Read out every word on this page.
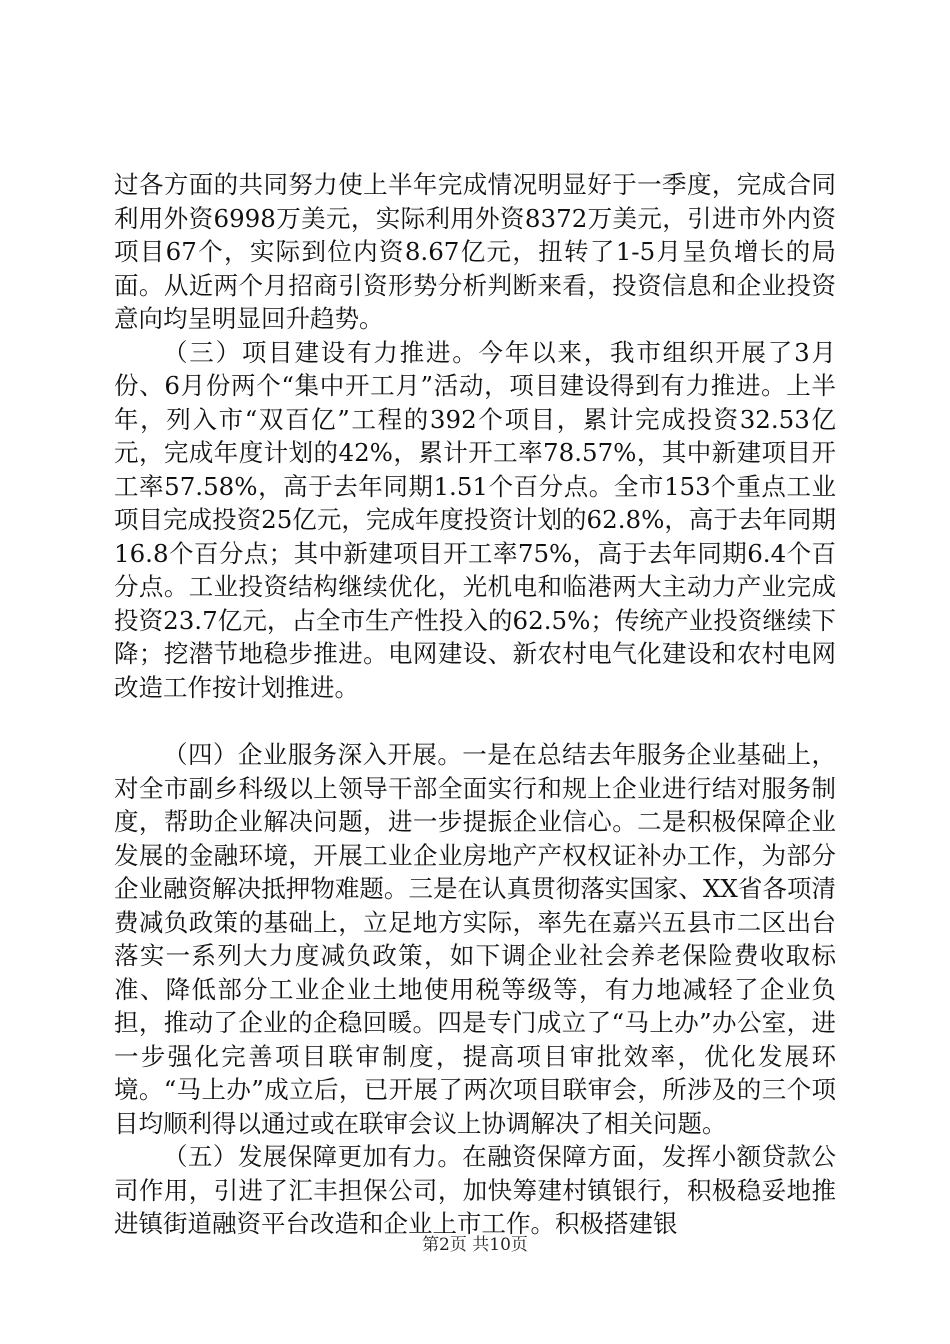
过各方面的共同努力使上半年完成情况明显好于一季度，完成合同利用外资6998万美元，实际利用外资8372万美元，引进市外内资项目67个，实际到位内资8.67亿元，扭转了1-5月呈负增长的局面。从近两个月招商引资形势分析判断来看，投资信息和企业投资意向均呈明显回升趋势。

（三）项目建设有力推进。今年以来，我市组织开展了3月份、6月份两个“集中开工月”活动，项目建设得到有力推进。上半年，列入市“双百亿”工程的392个项目，累计完成投资32.53亿元，完成年度计划的42%，累计开工率78.57%，其中新建项目开工率57.58%，高于去年同期1.51个百分点。全市153个重点工业项目完成投资25亿元，完成年度投资计划的62.8%，高于去年同期16.8个百分点；其中新建项目开工率75%，高于去年同期6.4个百分点。工业投资结构继续优化，光机电和临港两大主动力产业完成投资23.7亿元，占全市生产性投入的62.5%；传统产业投资继续下降；挖潜节地稳步推进。电网建设、新农村电气化建设和农村电网改造工作按计划推进。

（四）企业服务深入开展。一是在总结去年服务企业基础上，对全市副乡科级以上领导干部全面实行和规上企业进行结对服务制度，帮助企业解决问题，进一步提振企业信心。二是积极保障企业发展的金融环境，开展工业企业房地产产权权证补办工作，为部分企业融资解决抵押物难题。三是在认真贯彻落实国家、XX省各项清费减负政策的基础上，立足地方实际，率先在嘉兴五县市二区出台落实一系列大力度减负政策，如下调企业社会养老保险费收取标准、降低部分工业企业土地使用税等级等，有力地减轻了企业负担，推动了企业的企稳回暖。四是专门成立了“马上办”办公室，进一步强化完善项目联审制度，提高项目审批效率，优化发展环境。“马上办”成立后，已开展了两次项目联审会，所涉及的三个项目均顺利得以通过或在联审会议上协调解决了相关问题。

（五）发展保障更加有力。在融资保障方面，发挥小额贷款公司作用，引进了汇丰担保公司，加快筹建村镇银行，积极稳妥地推进镇街道融资平台改造和企业上市工作。积极搭建银

第2页 共10页
